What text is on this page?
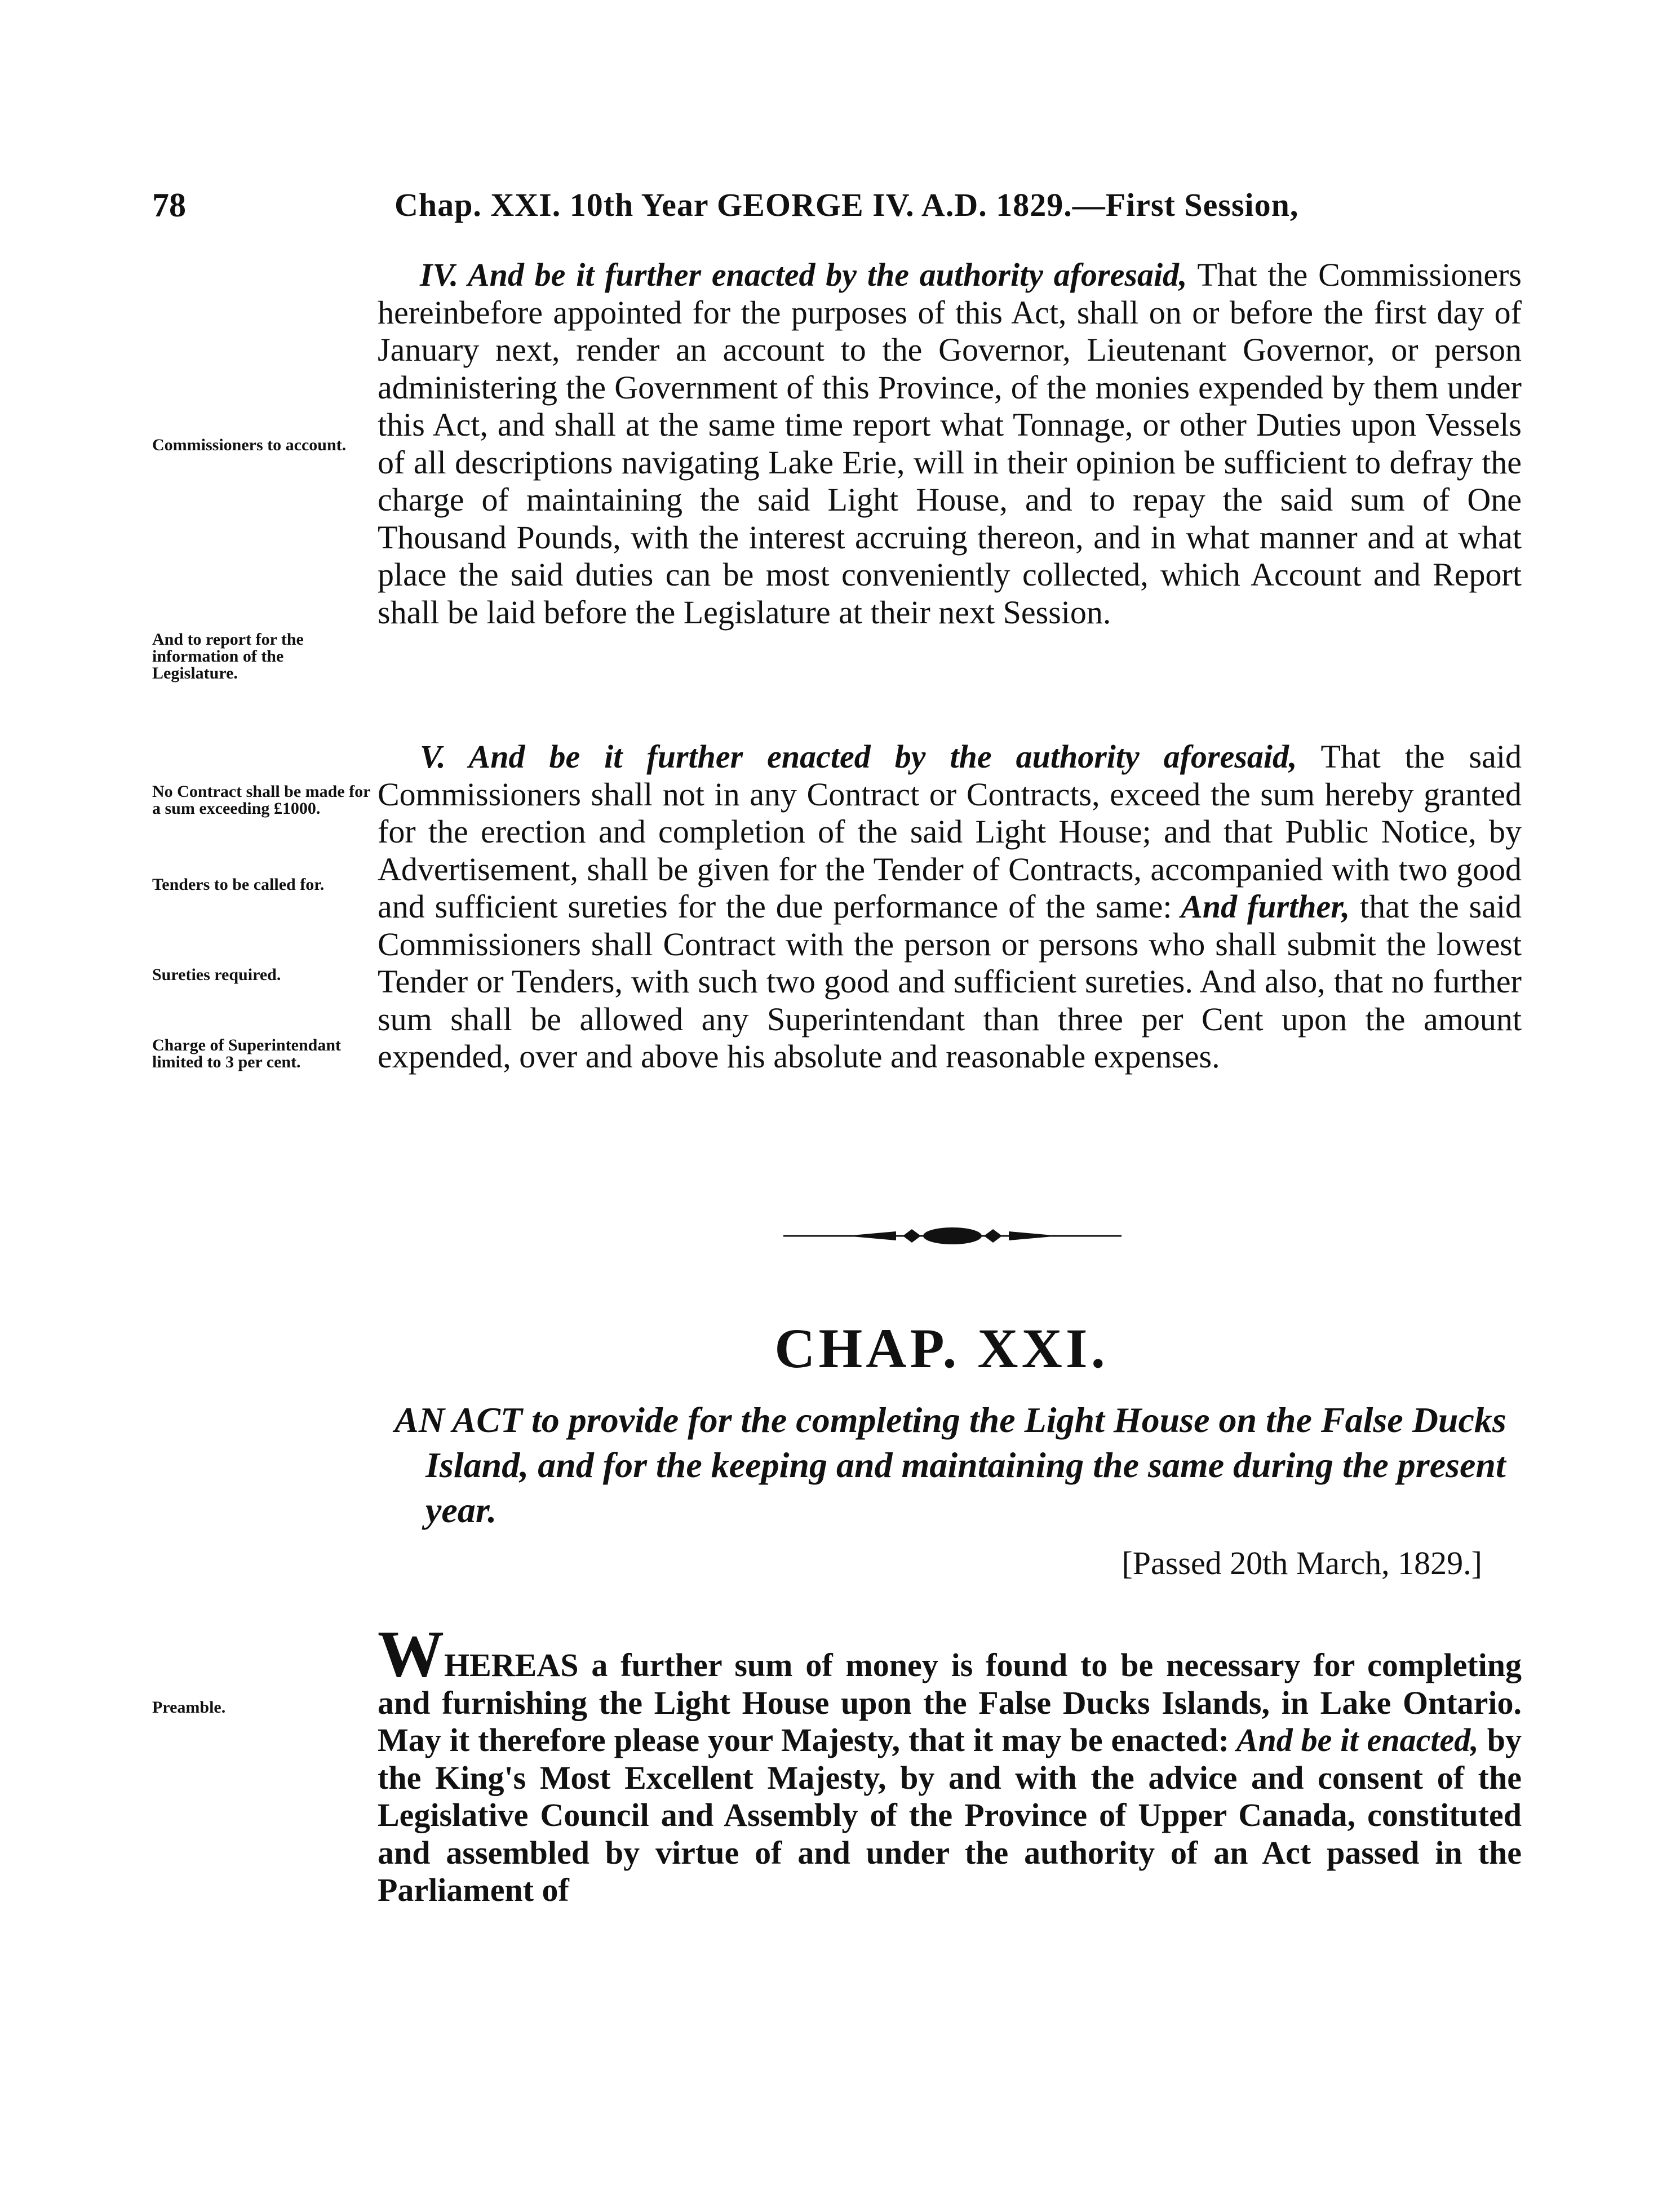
78	Chap. XXI. 10th Year GEORGE IV. A.D. 1829.—First Session,

IV. And be it further enacted by the authority aforesaid, That the Commissioners hereinbefore appointed for the purposes of this Act, shall on or before the first day of January next, render an account to the Governor, Lieutenant Governor, or person administering the Government of this Province, of the monies expended by them under this Act, and shall at the same time report what Tonnage, or other Duties upon Vessels of all descriptions navigating Lake Erie, will in their opinion be sufficient to defray the charge of maintaining the said Light House, and to repay the said sum of One Thousand Pounds, with the interest accruing thereon, and in what manner and at what place the said duties can be most conveniently collected, which Account and Report shall be laid before the Legislature at their next Session.

Commissioners to account.
And to report for the information of the Legislature.

V. And be it further enacted by the authority aforesaid, That the said Commissioners shall not in any Contract or Contracts, exceed the sum hereby granted for the erection and completion of the said Light House; and that Public Notice, by Advertisement, shall be given for the Tender of Contracts, accompanied with two good and sufficient sureties for the due performance of the same: And further, that the said Commissioners shall Contract with the person or persons who shall submit the lowest Tender or Tenders, with such two good and sufficient sureties. And also, that no further sum shall be allowed any Superintendant than three per Cent upon the amount expended, over and above his absolute and reasonable expenses.

No Contract shall be made for a sum exceeding £1000.
Tenders to be called for.
Sureties required.
Charge of Superintendant limited to 3 per cent.
CHAP. XXI.
AN ACT to provide for the completing the Light House on the False Ducks Island, and for the keeping and maintaining the same during the present year.
[Passed 20th March, 1829.]

WHEREAS a further sum of money is found to be necessary for completing and furnishing the Light House upon the False Ducks Islands, in Lake Ontario. May it therefore please your Majesty, that it may be enacted: And be it enacted, by the King's Most Excellent Majesty, by and with the advice and consent of the Legislative Council and Assembly of the Province of Upper Canada, constituted and assembled by virtue of and under the authority of an Act passed in the Parliament of

Preamble.
